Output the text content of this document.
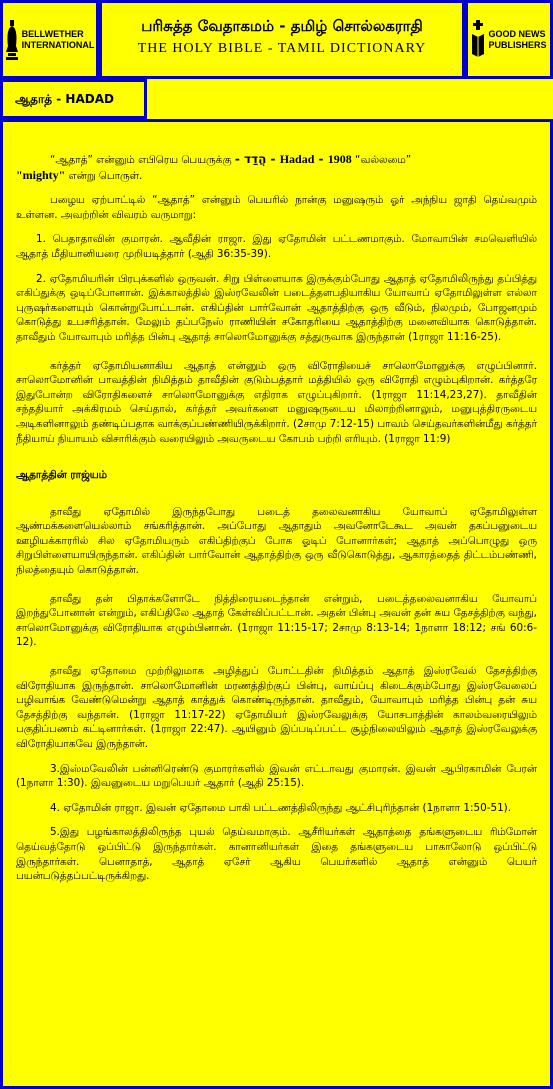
BELLWETHER
INTERNATIONAL
பரிசுத்த வேதாகமம் - தமிழ் சொல்லகராதி
THE HOLY BIBLE - TAMIL DICTIONARY
GOOD NEWS
PUBLISHERS
ஆதாத் - HADAD

“ஆதாத்” என்னும் எபிரெய பெயருக்கு - הֲדַד - Hadad - 1908 “வல்லமை”
"mighty" என்று பொருள்.

பழைய ஏற்பாட்டில் “ஆதாத்” என்னும் பெயரில் நான்கு மனுஷரும் ஓர் அந்நிய ஜாதி தெய்வமும் உள்ளன. அவற்றின் விவரம் வருமாறு:

1. பெதாதாவின் குமாரன். ஆவீதின் ராஜா. இது ஏதோமின் பட்டணமாகும். மோவாபின் சமவெளியில் ஆதாத் மீதியானியரை முறியடித்தார் (ஆதி 36:35-39).

2. ஏதோமியரின் பிரபுக்களில் ஒருவன். சிறு பிள்ளையாக இருக்கும்போது ஆதாத் ஏதோமிலிருந்து தப்பித்து எகிப்துக்கு ஒடிப்போனான். இக்காலத்தில் இஸ்ரவேலின் படைத்தளபதியாகிய யோவாப் ஏதோமிலுள்ள எல்லா புருஷர்களையும் கொன்றுபோட்டான். எகிப்தின் பார்வோன் ஆதாத்திற்கு ஒரு வீடும், நிலமும், போஜனமும் கொடுத்து உபசரித்தான். மேலும் தப்பநேஸ் ராணியின் சகோதரியை ஆதாத்திற்கு மனைவியாக கொடுத்தான். தாவீதும் யோவாபும் மரித்த பின்பு ஆதாத் சாலொமோனுக்கு சத்துருவாக இருந்தான் (1ராஜா 11:16-25).

கர்த்தர் ஏதோமியனாகிய ஆதாத் என்னும் ஒரு விரோதியைச் சாலொமோனுக்கு எழுப்பினார். சாலொமோனின் பாவத்தின் நிமித்தம் தாவீதின் குடும்பத்தார் மத்தியில் ஒரு விரோதி எழும்புகிறான். கர்த்தரே இதுபோன்ற விரோதிகளைச் சாலொமோனுக்கு எதிராக எழுப்புகிறார். (1ராஜா 11:14,23,27). தாவீதின் சந்ததியார் அக்கிரமம் செய்தால், கர்த்தர் அவர்களை மனுஷருடைய மிலாற்றினாலும், மனுபுத்திரருடைய அடிகளினாலும் தண்டிப்பதாக வாக்குப்பண்ணியிருக்கிறார். (2சாமு 7:12-15) பாவம் செய்தவர்களின்மீது கர்த்தர் நீதியாய் நியாயம் விசாரிக்கும் வரையிலும் அவருடைய கோபம் பற்றி எரியும். (1ராஜா 11:9)

ஆதாத்தின் ராஜ்யம்

தாவீது ஏதோமில் இருந்தபோது படைத் தலைவனாகிய யோவாப் ஏதோமிலுள்ள ஆண்மக்களையெல்லாம் சங்கரித்தான். அப்போது ஆதாதும் அவனோடேகூட அவன் தகப்பனுடைய ஊழியக்காரரில் சில ஏதோமியரும் எகிப்திற்குப் போக ஓடிப் போனார்கள்; ஆதாத் அப்பொழுது ஒரு சிறுபிள்ளையாயிருந்தான். எகிப்தின் பார்வோன் ஆதாத்திற்கு ஒரு வீடுகொடுத்து, ஆகாரத்தைத் திட்டம்பண்ணி, நிலத்தையும் கொடுத்தான்.

தாவீது தன் பிதாக்களோடே நித்திரையடைந்தான் என்றும், படைத்தலைவனாகிய யோவாப் இறந்துபோனான் என்றும், எகிப்திலே ஆதாத் கேள்விப்பட்டான். அதன் பின்பு அவன் தன் சுய தேசத்திற்கு வந்து, சாலொமோனுக்கு விரோதியாக எழும்பினான். (1ராஜா 11:15-17; 2சாமு 8:13-14; 1நாளா 18:12; சங் 60:6-12).

தாவீது ஏதோமை முற்றிலுமாக அழித்துப் போட்டதின் நிமித்தம் ஆதாத் இஸ்ரவேல் தேசத்திற்கு விரோதியாக இருந்தான். சாலொமோனின் மரணத்திற்குப் பின்பு, வாய்ப்பு கிடைக்கும்போது இஸ்ரவேலைப் பழிவாங்க வேண்டுமென்று ஆதாத் காத்துக் கொண்டிருந்தான். தாவீதும், யோவாபும் மரித்த பின்பு தன் சுய தேசத்திற்கு வந்தான். (1ராஜா 11:17-22) ஏதோமியர் இஸ்ரவேலுக்கு யோசபாத்தின் காலம்வரையிலும் பகுதிப்பணம் கட்டினார்கள். (1ராஜா 22:47). ஆயினும் இப்படிப்பட்ட சூழ்நிலையிலும் ஆதாத் இஸ்ரவேலுக்கு விரோதியாகவே இருந்தான்.

3.இஸ்மவேலின் பன்னிரெண்டு குமாரர்களில் இவன் எட்டாவது குமாரன். இவன் ஆபிரகாமின் பேரன் (1நாளா 1:30). இவனுடைய மறுபெயர் ஆதார் (ஆதி 25:15).

4. ஏதோமின் ராஜா. இவன் ஏதோமை பாகி பட்டணத்திலிருந்து ஆட்சிபுரிந்தான் (1நாளா 1:50-51).

5.இது பழங்காலத்திலிருந்த புயல் தெய்வமாகும். ஆசீரியர்கள் ஆதாத்தை தங்களுடைய ரிம்மோன் தெய்வத்தோடு ஒப்பிட்டு இருந்தார்கள். கானானியர்கள் இதை தங்களுடைய பாகாலோடு ஒப்பிட்டு இருந்தார்கள். பெனாதாத், ஆதாத் ஏசேர் ஆகிய பெயர்களில் ஆதாத் என்னும் பெயர் பயன்படுத்தப்பட்டிருக்கிறது.
